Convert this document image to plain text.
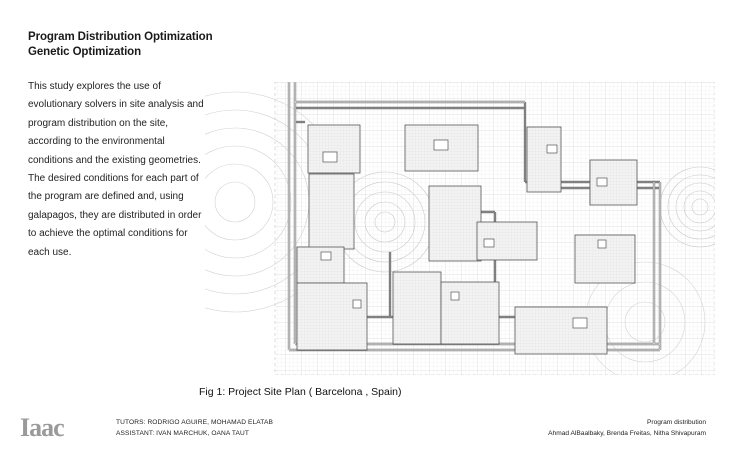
Program Distribution Optimization
Genetic Optimization
This study explores the use of evolutionary solvers in site analysis and program distribution on the site, according to the environmental conditions and the existing geometries. The desired conditions for each part of the program are defined and, using galapagos, they are distributed in order to achieve the optimal conditions for each use.
Fig 1: Project Site Plan ( Barcelona , Spain)
Iaac	TUTORS: RODRIGO AGUIRE, MOHAMAD ELATAB
ASSISTANT: IVAN MARCHUK, OANA TAUT
Program distribution
Ahmad AlBaalbaky, Brenda Freitas, Nitha Shivapuram
